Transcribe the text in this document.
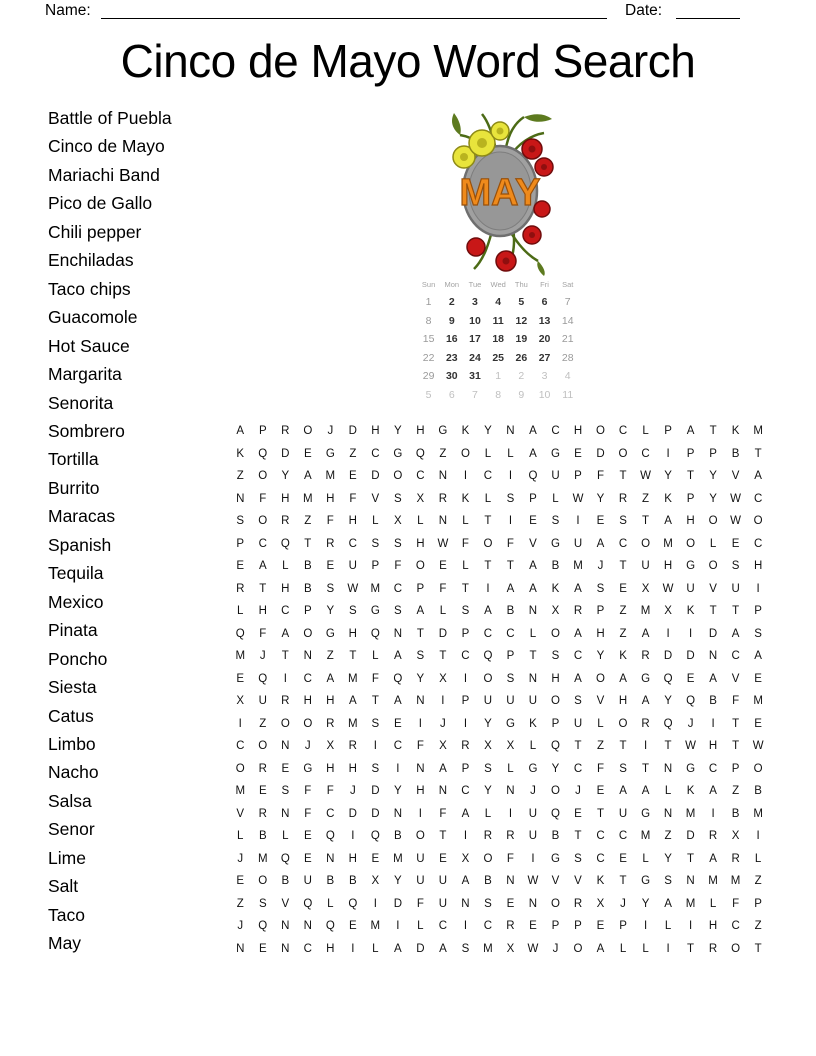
Name:	Date:
Cinco de Mayo Word Search
Battle of Puebla
Cinco de Mayo
Mariachi Band
Pico de Gallo
Chili pepper
Enchiladas
Taco chips
Guacomole
Hot Sauce
Margarita
Senorita
Sombrero
Tortilla
Burrito
Maracas
Spanish
Tequila
Mexico
Pinata
Poncho
Siesta
Catus
Limbo
Nacho
Salsa
Senor
Lime
Salt
Taco
May
MAY
Sun	Mon	Tue	Wed	Thu	Fri	Sat
1	2	3	4	5	6	7
8	9	10	11	12	13	14
15	16	17	18	19	20	21
22	23	24	25	26	27	28
29	30	31	1	2	3	4
5	6	7	8	9	10	11
A	P	R	O	J	D	H	Y	H	G	K	Y	N	A	C	H	O	C	L	P	A	T	K	M
K	Q	D	E	G	Z	C	G	Q	Z	O	L	L	A	G	E	D	O	C	I	P	P	B	T
Z	O	Y	A	M	E	D	O	C	N	I	C	I	Q	U	P	F	T	W	Y	T	Y	V	A
N	F	H	M	H	F	V	S	X	R	K	L	S	P	L	W	Y	R	Z	K	P	Y	W	C
S	O	R	Z	F	H	L	X	L	N	L	T	I	E	S	I	E	S	T	A	H	O	W	O
P	C	Q	T	R	C	S	S	H	W	F	O	F	V	G	U	A	C	O	M	O	L	E	C
E	A	L	B	E	U	P	F	O	E	L	T	T	A	B	M	J	T	U	H	G	O	S	H
R	T	H	B	S	W	M	C	P	F	T	I	A	A	K	A	S	E	X	W	U	V	U	I
L	H	C	P	Y	S	G	S	A	L	S	A	B	N	X	R	P	Z	M	X	K	T	T	P
Q	F	A	O	G	H	Q	N	T	D	P	C	C	L	O	A	H	Z	A	I	I	D	A	S
M	J	T	N	Z	T	L	A	S	T	C	Q	P	T	S	C	Y	K	R	D	D	N	C	A
E	Q	I	C	A	M	F	Q	Y	X	I	O	S	N	H	A	O	A	G	Q	E	A	V	E
X	U	R	H	H	A	T	A	N	I	P	U	U	U	O	S	V	H	A	Y	Q	B	F	M
I	Z	O	O	R	M	S	E	I	J	I	Y	G	K	P	U	L	O	R	Q	J	I	T	E
C	O	N	J	X	R	I	C	F	X	R	X	X	L	Q	T	Z	T	I	T	W	H	T	W
O	R	E	G	H	H	S	I	N	A	P	S	L	G	Y	C	F	S	T	N	G	C	P	O
M	E	S	F	F	J	D	Y	H	N	C	Y	N	J	O	J	E	A	A	L	K	A	Z	B
V	R	N	F	C	D	D	N	I	F	A	L	I	U	Q	E	T	U	G	N	M	I	B	M
L	B	L	E	Q	I	Q	B	O	T	I	R	R	U	B	T	C	C	M	Z	D	R	X	I
J	M	Q	E	N	H	E	M	U	E	X	O	F	I	G	S	C	E	L	Y	T	A	R	L
E	O	B	U	B	B	X	Y	U	U	A	B	N	W	V	V	K	T	G	S	N	M	M	Z
Z	S	V	Q	L	Q	I	D	F	U	N	S	E	N	O	R	X	J	Y	A	M	L	F	P
J	Q	N	N	Q	E	M	I	L	C	I	C	R	E	P	P	E	P	I	L	I	H	C	Z
N	E	N	C	H	I	L	A	D	A	S	M	X	W	J	O	A	L	L	I	T	R	O	T
